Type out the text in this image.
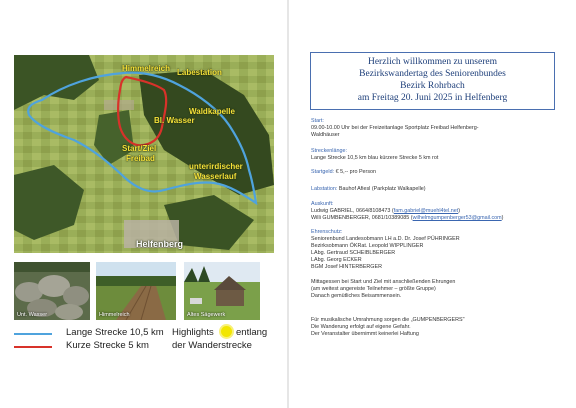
Himmelreich Labestation
Waldkapelle
Bl. Wasser
Start/Ziel
Freibad
unterirdischer
Wasserlauf
Helfenberg
Unt. Wasser	Himmelreich	Altes Sägewerk
Lange Strecke 10,5 km
Kurze Strecke 5 km
Highlights entlang
der Wanderstrecke
Herzlich willkommen zu unserem
Bezirkswandertag des Seniorenbundes
Bezirk Rohrbach
am Freitag 20. Juni 2025 in Helfenberg
Start:
09.00-10.00 Uhr bei der Freizeitanlage Sportplatz Freibad Helfenberg-
Waldhäuser
Streckenlänge:
Lange Strecke 10,5 km blau kürzere Strecke 5 km rot
Startgeld: € 5,-- pro Person
Labstation: Bauhof Afiesl (Parkplatz Walkapelle)
Auskunft:
Ludwig GABRIEL, 0664/8108473 (fam.gabriel@muehl4tel.net)
Willi GUMBENBERGER, 0681/10389085 (wilhelmgumpenberger53@gmail.com)
Ehrenschutz:
Seniorenbund Landesobmann LH a.D. Dr. Josef PÜHRINGER
Bezirksobmann ÖKRat. Leopold WIPPLINGER
LAbg. Gertraud SCHEIBLBERGER
LAbg. Georg ECKER
BGM Josef HINTERBERGER
Mittagessen bei Start und Ziel mit anschließenden Ehrungen
(am weitest angereiste Teilnehmer – größte Gruppe)
Danach gemütliches Beisammensein.
Für musikalische Umrahmung sorgen die „GUMPENBERGERS"
Die Wanderung erfolgt auf eigene Gefahr.
Der Veranstalter übernimmt keinerlei Haftung
